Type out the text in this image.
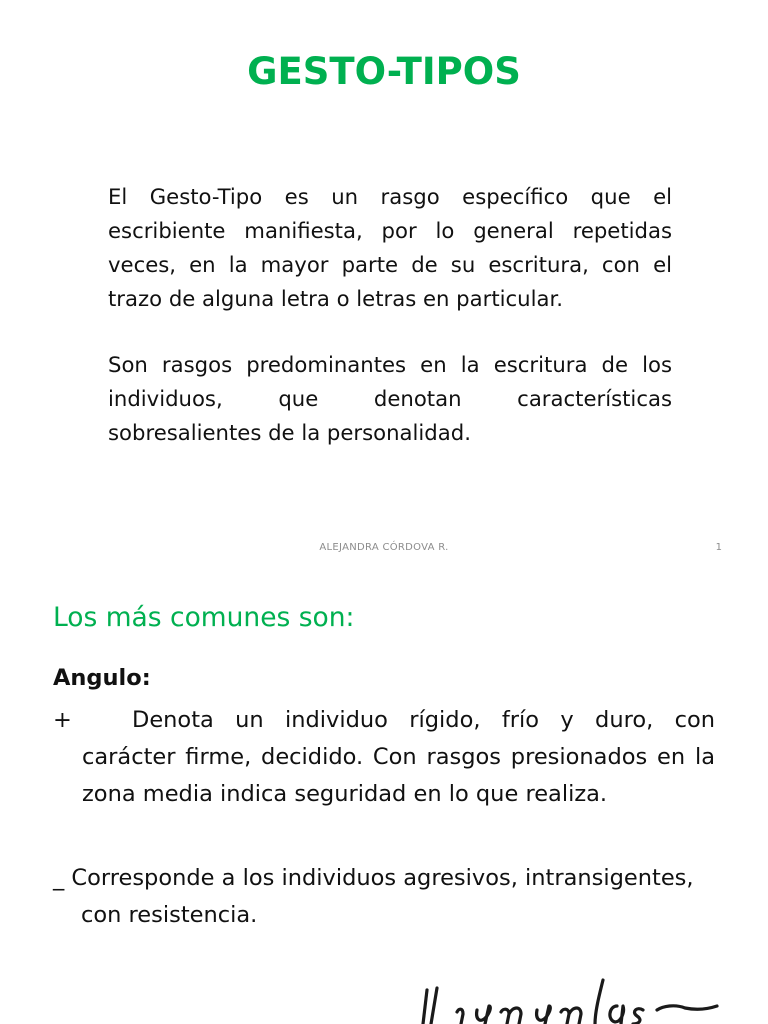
GESTO-TIPOS
El Gesto-Tipo es un rasgo específico que el escribiente manifiesta, por lo general repetidas veces, en la mayor parte de su escritura, con el trazo de alguna letra o letras en particular.
Son rasgos predominantes en la escritura de los individuos, que denotan características sobresalientes de la personalidad.
ALEJANDRA CÓRDOVA R.	1
Los más comunes son:
Angulo:
+	Denota un individuo rígido, frío y duro, con carácter firme, decidido. Con rasgos presionados en la zona media indica seguridad en lo que realiza.
_ Corresponde a los individuos agresivos, intransigentes, con resistencia.
